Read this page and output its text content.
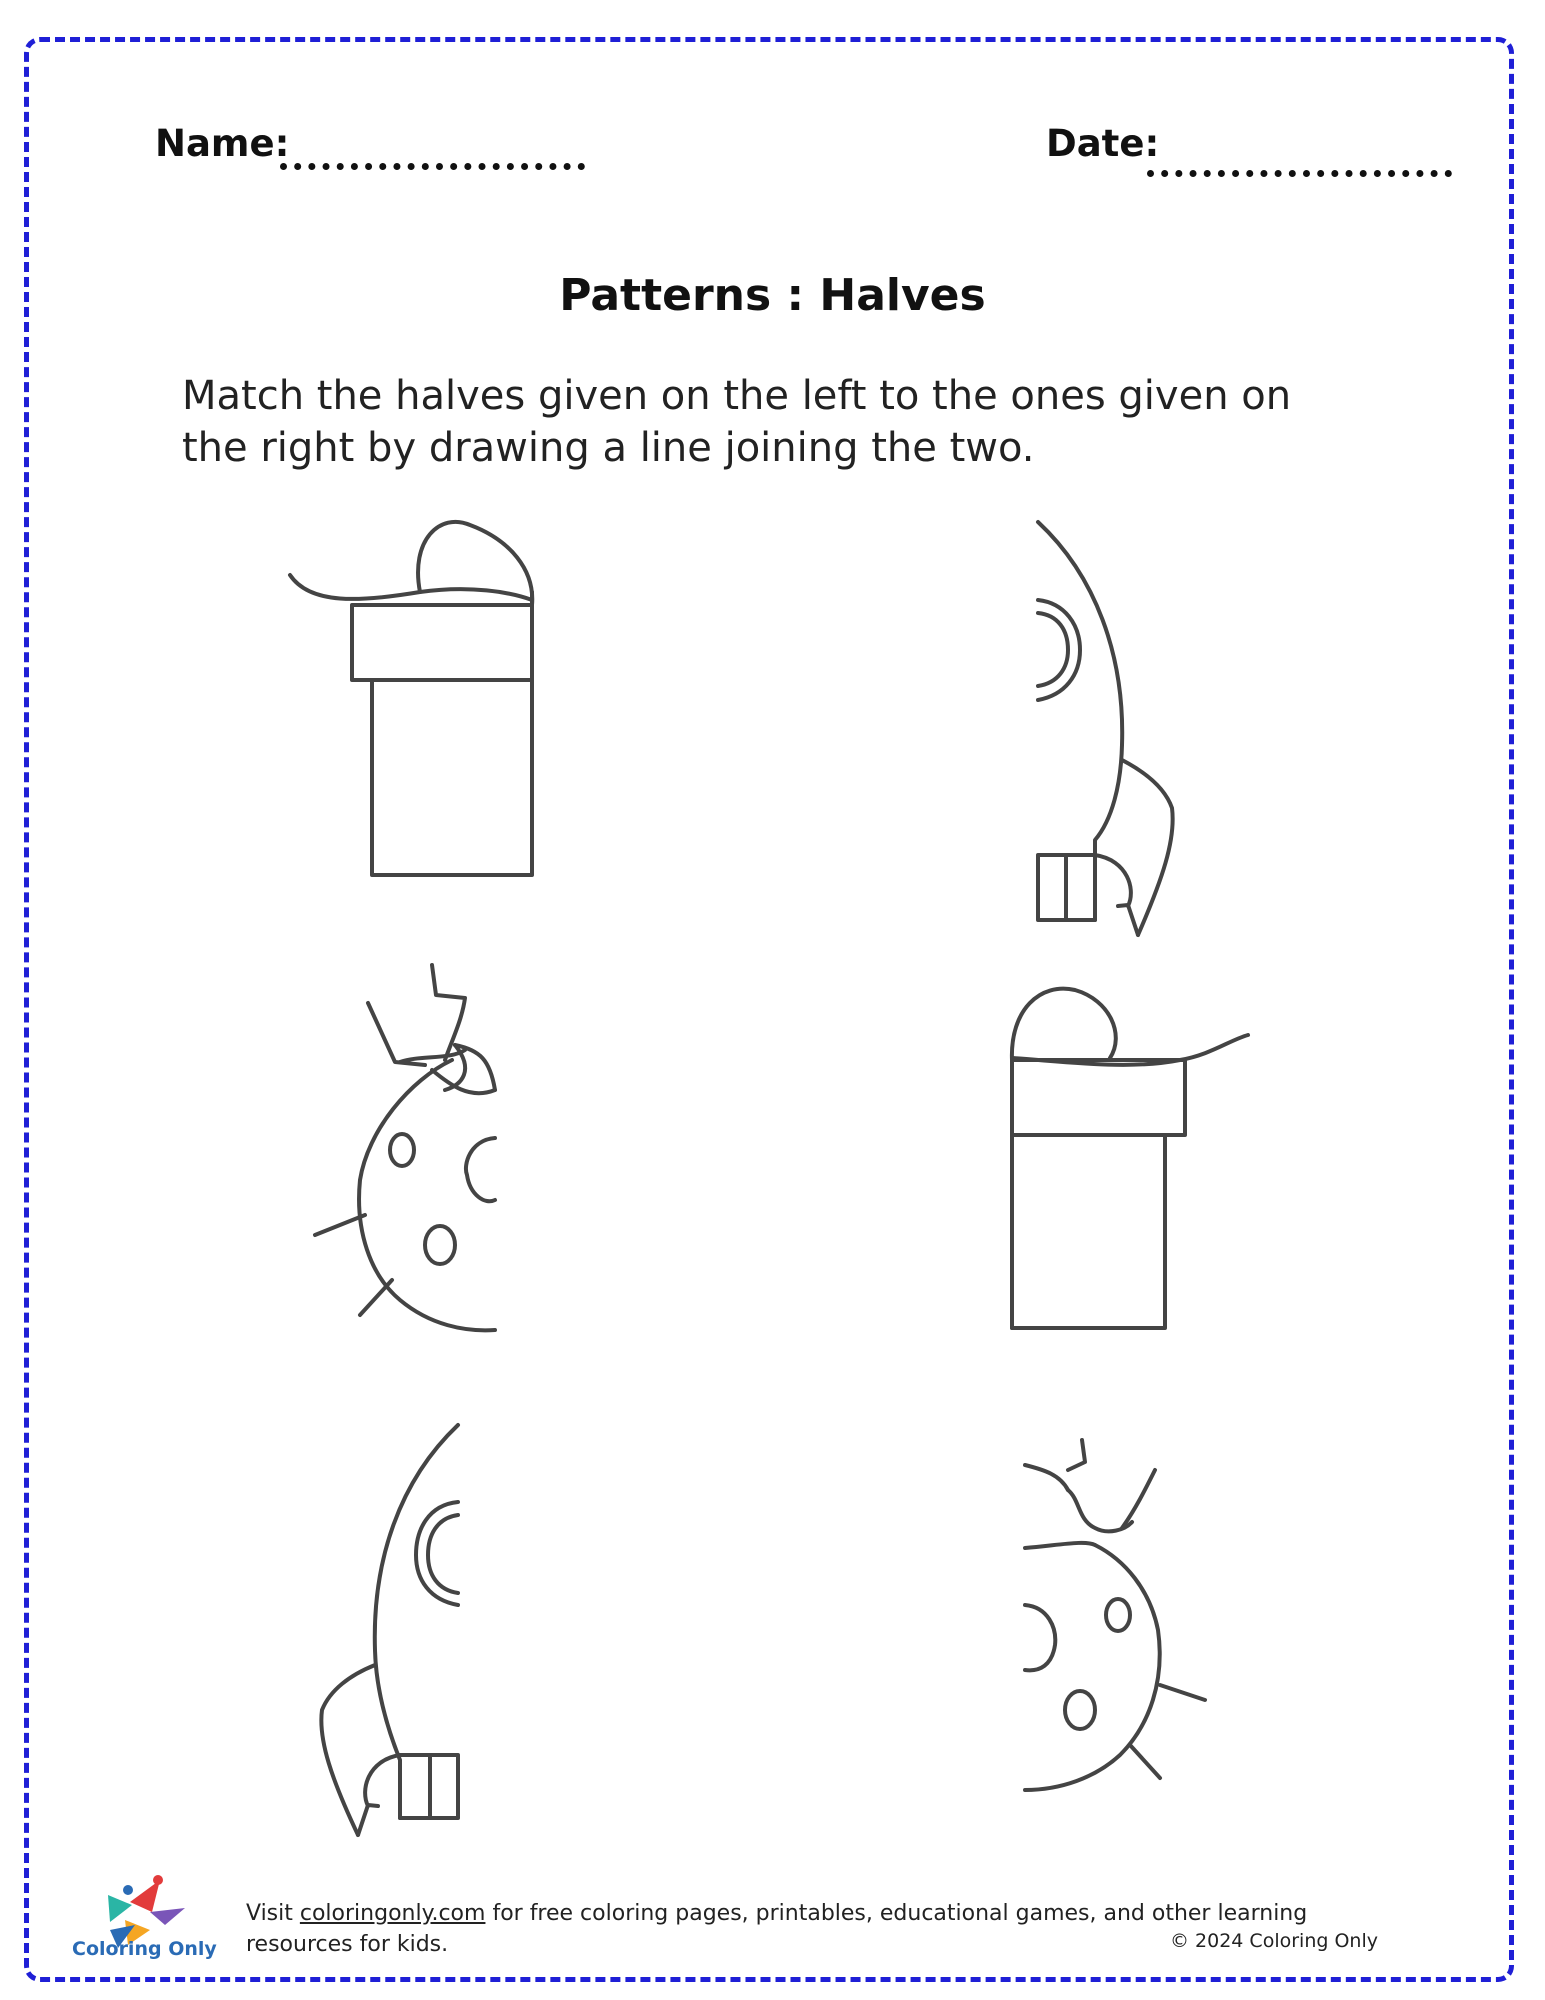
Name:	Date:
Patterns : Halves
Match the halves given on the left to the ones given on the right by drawing a line joining the two.
Coloring Only
Visit coloringonly.com for free coloring pages, printables, educational games, and other learning resources for kids.	© 2024 Coloring Only
